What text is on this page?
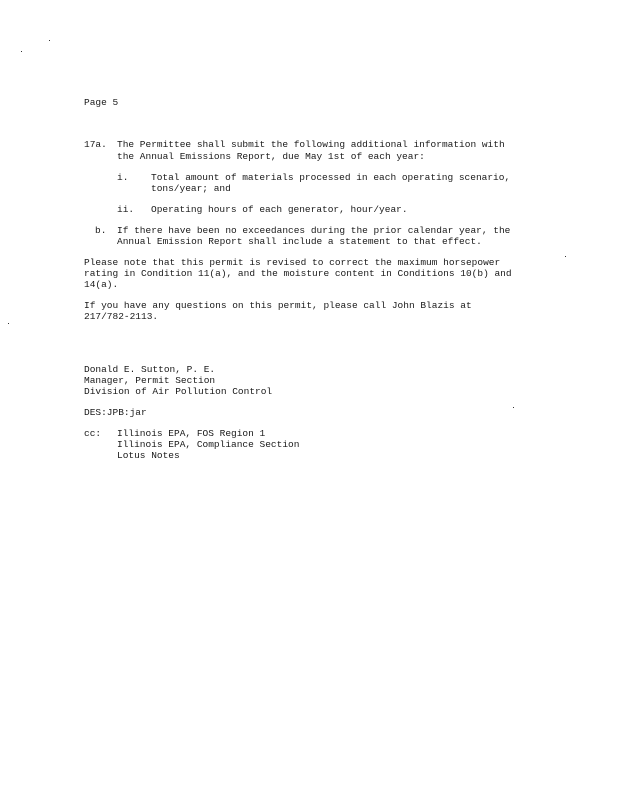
Page 5
17a. The Permittee shall submit the following additional information with
the Annual Emissions Report, due May 1st of each year:
i. Total amount of materials processed in each operating scenario,
tons/year; and
ii. Operating hours of each generator, hour/year.
b. If there have been no exceedances during the prior calendar year, the
Annual Emission Report shall include a statement to that effect.
Please note that this permit is revised to correct the maximum horsepower
rating in Condition 11(a), and the moisture content in Conditions 10(b) and
14(a).
If you have any questions on this permit, please call John Blazis at
217/782-2113.
Donald E. Sutton, P. E.
Manager, Permit Section
Division of Air Pollution Control
DES:JPB:jar
cc: Illinois EPA, FOS Region 1
Illinois EPA, Compliance Section
Lotus Notes
